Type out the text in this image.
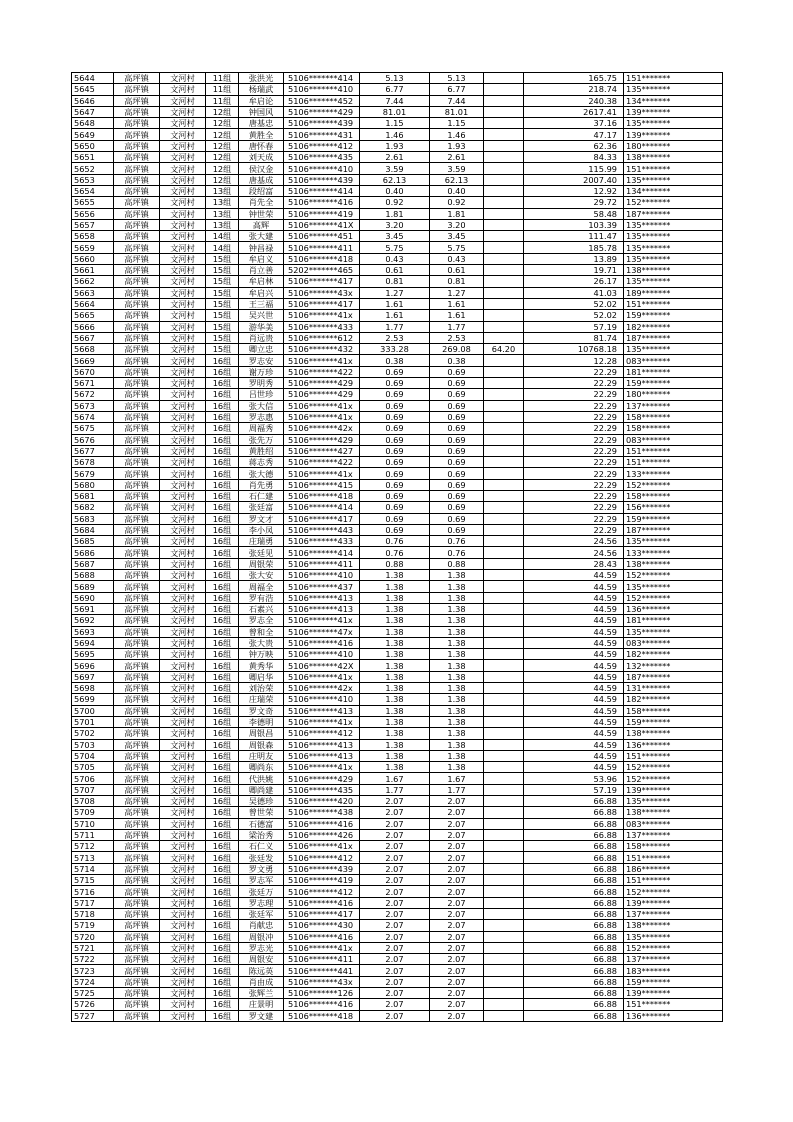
5644	高坪镇	文河村	11组	张洪光	5106*******414	5.13	5.13		165.75	151*******
5645	高坪镇	文河村	11组	杨瑞武	5106*******410	6.77	6.77		218.74	135*******
5646	高坪镇	文河村	11组	牟启论	5106*******452	7.44	7.44		240.38	134*******
5647	高坪镇	文河村	12组	钟国风	5106*******429	81.01	81.01		2617.41	139*******
5648	高坪镇	文河村	12组	唐基忠	5106*******439	1.15	1.15		37.16	135*******
5649	高坪镇	文河村	12组	黄胜全	5106*******431	1.46	1.46		47.17	139*******
5650	高坪镇	文河村	12组	唐怀春	5106*******412	1.93	1.93		62.36	180*******
5651	高坪镇	文河村	12组	刘天成	5106*******435	2.61	2.61		84.33	138*******
5652	高坪镇	文河村	12组	侯汉金	5106*******410	3.59	3.59		115.99	151*******
5653	高坪镇	文河村	12组	唐基成	5106*******439	62.13	62.13		2007.40	135*******
5654	高坪镇	文河村	13组	段绍富	5106*******414	0.40	0.40		12.92	134*******
5655	高坪镇	文河村	13组	肖先全	5106*******416	0.92	0.92		29.72	152*******
5656	高坪镇	文河村	13组	钟世荣	5106*******419	1.81	1.81		58.48	187*******
5657	高坪镇	文河村	13组	高辉	5106*******41X	3.20	3.20		103.39	135*******
5658	高坪镇	文河村	14组	张大建	5106*******451	3.45	3.45		111.47	135*******
5659	高坪镇	文河村	14组	钟昌禄	5106*******411	5.75	5.75		185.78	135*******
5660	高坪镇	文河村	15组	牟启义	5106*******418	0.43	0.43		13.89	135*******
5661	高坪镇	文河村	15组	肖立善	5202*******465	0.61	0.61		19.71	138*******
5662	高坪镇	文河村	15组	牟启林	5106*******417	0.81	0.81		26.17	135*******
5663	高坪镇	文河村	15组	牟启兴	5106*******43x	1.27	1.27		41.03	189*******
5664	高坪镇	文河村	15组	王三福	5106*******417	1.61	1.61		52.02	151*******
5665	高坪镇	文河村	15组	吴兴世	5106*******41x	1.61	1.61		52.02	159*******
5666	高坪镇	文河村	15组	游华美	5106*******433	1.77	1.77		57.19	182*******
5667	高坪镇	文河村	15组	肖远贵	5106*******612	2.53	2.53		81.74	187*******
5668	高坪镇	文河村	15组	卿立忠	5106*******432	333.28	269.08	64.20	10768.18	135*******
5669	高坪镇	文河村	16组	罗志安	5106*******41x	0.38	0.38		12.28	083*******
5670	高坪镇	文河村	16组	谢万珍	5106*******422	0.69	0.69		22.29	181*******
5671	高坪镇	文河村	16组	罗明秀	5106*******429	0.69	0.69		22.29	159*******
5672	高坪镇	文河村	16组	吕世珍	5106*******429	0.69	0.69		22.29	180*******
5673	高坪镇	文河村	16组	张大信	5106*******41x	0.69	0.69		22.29	137*******
5674	高坪镇	文河村	16组	罗志惠	5106*******41x	0.69	0.69		22.29	158*******
5675	高坪镇	文河村	16组	周福秀	5106*******42x	0.69	0.69		22.29	158*******
5676	高坪镇	文河村	16组	张先万	5106*******429	0.69	0.69		22.29	083*******
5677	高坪镇	文河村	16组	黄胜绍	5106*******427	0.69	0.69		22.29	151*******
5678	高坪镇	文河村	16组	蒋志秀	5106*******422	0.69	0.69		22.29	151*******
5679	高坪镇	文河村	16组	张大德	5106*******41x	0.69	0.69		22.29	133*******
5680	高坪镇	文河村	16组	肖先勇	5106*******415	0.69	0.69		22.29	152*******
5681	高坪镇	文河村	16组	石仁建	5106*******418	0.69	0.69		22.29	158*******
5682	高坪镇	文河村	16组	张廷富	5106*******414	0.69	0.69		22.29	156*******
5683	高坪镇	文河村	16组	罗文才	5106*******417	0.69	0.69		22.29	159*******
5684	高坪镇	文河村	16组	李小凤	5106*******443	0.69	0.69		22.29	187*******
5685	高坪镇	文河村	16组	庄瑞勇	5106*******433	0.76	0.76		24.56	135*******
5686	高坪镇	文河村	16组	张廷见	5106*******414	0.76	0.76		24.56	133*******
5687	高坪镇	文河村	16组	周银荣	5106*******411	0.88	0.88		28.43	138*******
5688	高坪镇	文河村	16组	张大安	5106*******410	1.38	1.38		44.59	152*******
5689	高坪镇	文河村	16组	周福全	5106*******437	1.38	1.38		44.59	135*******
5690	高坪镇	文河村	16组	罗有浩	5106*******413	1.38	1.38		44.59	152*******
5691	高坪镇	文河村	16组	石素兴	5106*******413	1.38	1.38		44.59	136*******
5692	高坪镇	文河村	16组	罗志全	5106*******41x	1.38	1.38		44.59	181*******
5693	高坪镇	文河村	16组	曾和全	5106*******47x	1.38	1.38		44.59	135*******
5694	高坪镇	文河村	16组	张大贵	5106*******416	1.38	1.38		44.59	083*******
5695	高坪镇	文河村	16组	钟万映	5106*******410	1.38	1.38		44.59	182*******
5696	高坪镇	文河村	16组	黄秀华	5106*******42X	1.38	1.38		44.59	132*******
5697	高坪镇	文河村	16组	卿启华	5106*******41x	1.38	1.38		44.59	187*******
5698	高坪镇	文河村	16组	刘治荣	5106*******42x	1.38	1.38		44.59	131*******
5699	高坪镇	文河村	16组	庄瑞荣	5106*******410	1.38	1.38		44.59	182*******
5700	高坪镇	文河村	16组	罗文奇	5106*******413	1.38	1.38		44.59	158*******
5701	高坪镇	文河村	16组	李德明	5106*******41x	1.38	1.38		44.59	159*******
5702	高坪镇	文河村	16组	周银昌	5106*******412	1.38	1.38		44.59	138*******
5703	高坪镇	文河村	16组	周银森	5106*******413	1.38	1.38		44.59	136*******
5704	高坪镇	文河村	16组	庄明友	5106*******413	1.38	1.38		44.59	151*******
5705	高坪镇	文河村	16组	卿尚东	5106*******41x	1.38	1.38		44.59	152*******
5706	高坪镇	文河村	16组	代洪姚	5106*******429	1.67	1.67		53.96	152*******
5707	高坪镇	文河村	16组	卿尚建	5106*******435	1.77	1.77		57.19	139*******
5708	高坪镇	文河村	16组	吴德珍	5106*******420	2.07	2.07		66.88	135*******
5709	高坪镇	文河村	16组	曾世荣	5106*******438	2.07	2.07		66.88	138*******
5710	高坪镇	文河村	16组	石德富	5106*******416	2.07	2.07		66.88	083*******
5711	高坪镇	文河村	16组	梁治秀	5106*******426	2.07	2.07		66.88	137*******
5712	高坪镇	文河村	16组	石仁义	5106*******41x	2.07	2.07		66.88	158*******
5713	高坪镇	文河村	16组	张廷发	5106*******412	2.07	2.07		66.88	151*******
5714	高坪镇	文河村	16组	罗文勇	5106*******439	2.07	2.07		66.88	186*******
5715	高坪镇	文河村	16组	罗志军	5106*******419	2.07	2.07		66.88	151*******
5716	高坪镇	文河村	16组	张廷万	5106*******412	2.07	2.07		66.88	152*******
5717	高坪镇	文河村	16组	罗志理	5106*******416	2.07	2.07		66.88	139*******
5718	高坪镇	文河村	16组	张廷军	5106*******417	2.07	2.07		66.88	137*******
5719	高坪镇	文河村	16组	肖献忠	5106*******430	2.07	2.07		66.88	138*******
5720	高坪镇	文河村	16组	周银冲	5106*******416	2.07	2.07		66.88	135*******
5721	高坪镇	文河村	16组	罗志光	5106*******41x	2.07	2.07		66.88	152*******
5722	高坪镇	文河村	16组	周银安	5106*******411	2.07	2.07		66.88	137*******
5723	高坪镇	文河村	16组	陈远英	5106*******441	2.07	2.07		66.88	183*******
5724	高坪镇	文河村	16组	肖由成	5106*******43x	2.07	2.07		66.88	159*******
5725	高坪镇	文河村	16组	张辉兰	5106*******126	2.07	2.07		66.88	139*******
5726	高坪镇	文河村	16组	庄景明	5106*******416	2.07	2.07		66.88	151*******
5727	高坪镇	文河村	16组	罗文建	5106*******418	2.07	2.07		66.88	136*******
